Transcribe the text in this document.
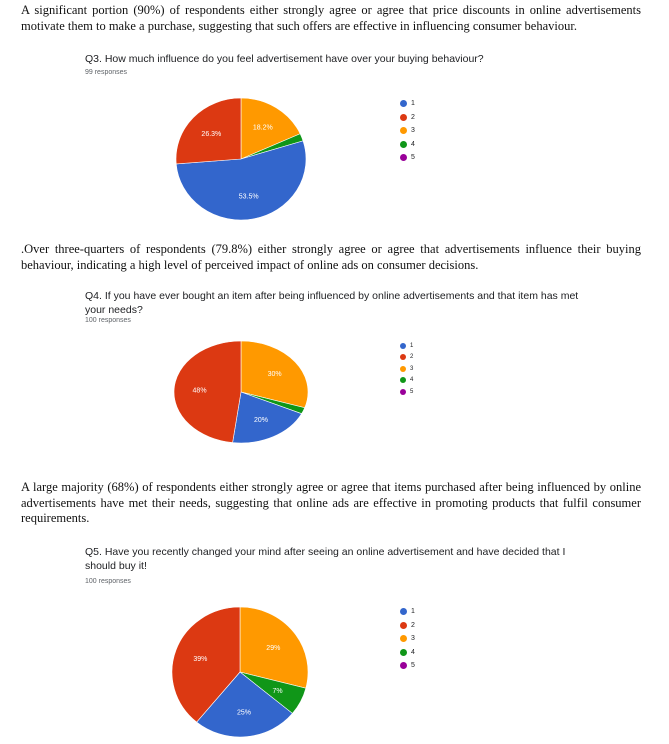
A significant portion (90%) of respondents either strongly agree or agree that price discounts in online advertisements motivate them to make a purchase, suggesting that such offers are effective in influencing consumer behaviour.

Q3. How much influence do you feel advertisement have over your buying behaviour?

99 responses

18.2%
53.5%
26.3%
1
2
3
4
5

.Over three-quarters of respondents (79.8%) either strongly agree or agree that advertisements influence their buying behaviour, indicating a high level of perceived impact of online ads on consumer decisions.

Q4. If you have ever bought an item after being influenced by online advertisements and that item has met your needs?

100 responses

30%
20%
48%
1
2
3
4
5

A large majority (68%) of respondents either strongly agree or agree that items purchased after being influenced by online advertisements have met their needs, suggesting that online ads are effective in promoting products that fulfil consumer requirements.

Q5. Have you recently changed your mind after seeing an online advertisement and have decided that I should buy it!

100 responses

29%
7%
25%
39%
1
2
3
4
5
